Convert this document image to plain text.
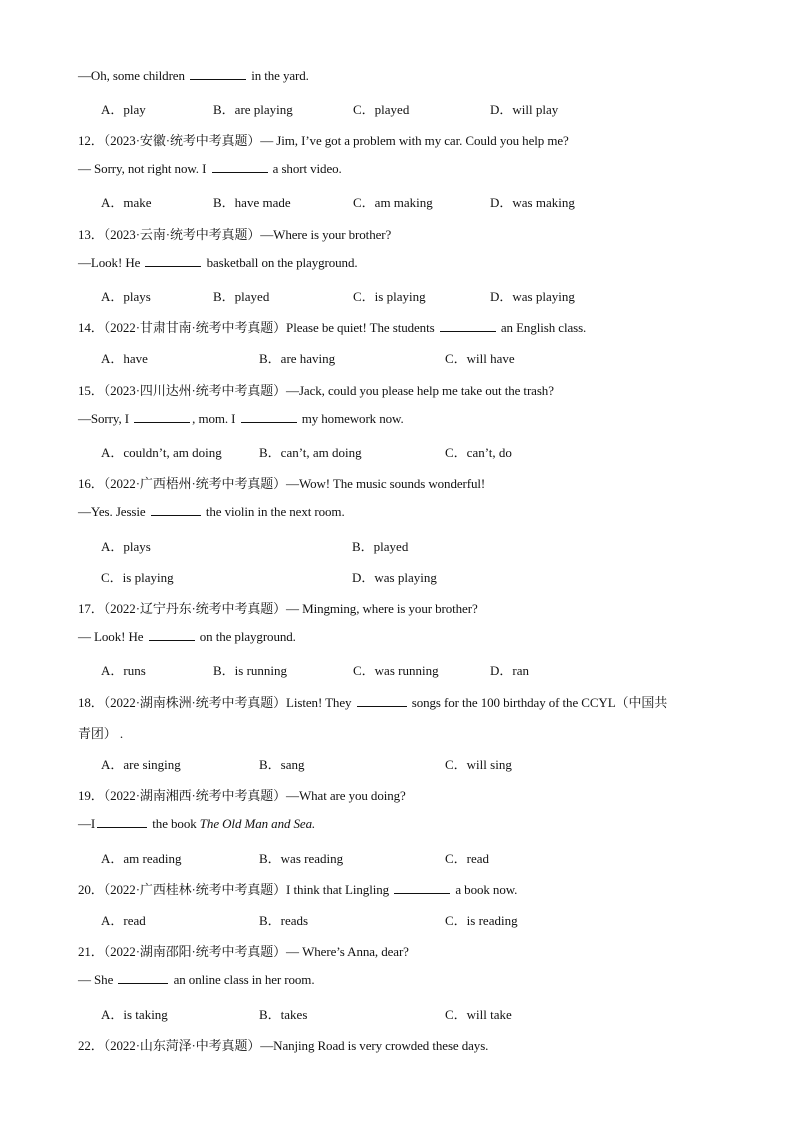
—Oh, some children	in the yard.
A．play	B．are playing	C．played	D．will play
12．（2023·安徽·统考中考真题）— Jim, I’ve got a problem with my car. Could you help me?
— Sorry, not right now. I	a short video.
A．make	B．have made	C．am making	D．was making
13．（2023·云南·统考中考真题）—Where is your brother?
—Look! He	basketball on the playground.
A．plays	B．played	C．is playing	D．was playing
14．（2022·甘肃甘南·统考中考真题）Please be quiet! The students	an English class.
A．have	B．are having	C．will have
15．（2023·四川达州·统考中考真题）—Jack, could you please help me take out the trash?
—Sorry, I	, mom. I	my homework now.
A．couldn’t, am doing	B．can’t, am doing	C．can’t, do
16．（2022·广西梧州·统考中考真题）—Wow! The music sounds wonderful!
—Yes. Jessie	the violin in the next room.
A．plays	B．played
C．is playing	D．was playing
17．（2022·辽宁丹东·统考中考真题）— Mingming, where is your brother?
— Look! He	on the playground.
A．runs	B．is running	C．was running	D．ran
18．（2022·湖南株洲·统考中考真题）Listen! They	songs for the 100 birthday of the CCYL（中国共
青团） .
A．are singing	B．sang	C．will sing
19．（2022·湖南湘西·统考中考真题）—What are you doing?
—I	the book The Old Man and Sea.
A．am reading	B．was reading	C．read
20．（2022·广西桂林·统考中考真题）I think that Lingling	a book now.
A．read	B．reads	C．is reading
21．（2022·湖南邵阳·统考中考真题）— Where’s Anna, dear?
— She	an online class in her room.
A．is taking	B．takes	C．will take
22．（2022·山东菏泽·中考真题）—Nanjing Road is very crowded these days.
